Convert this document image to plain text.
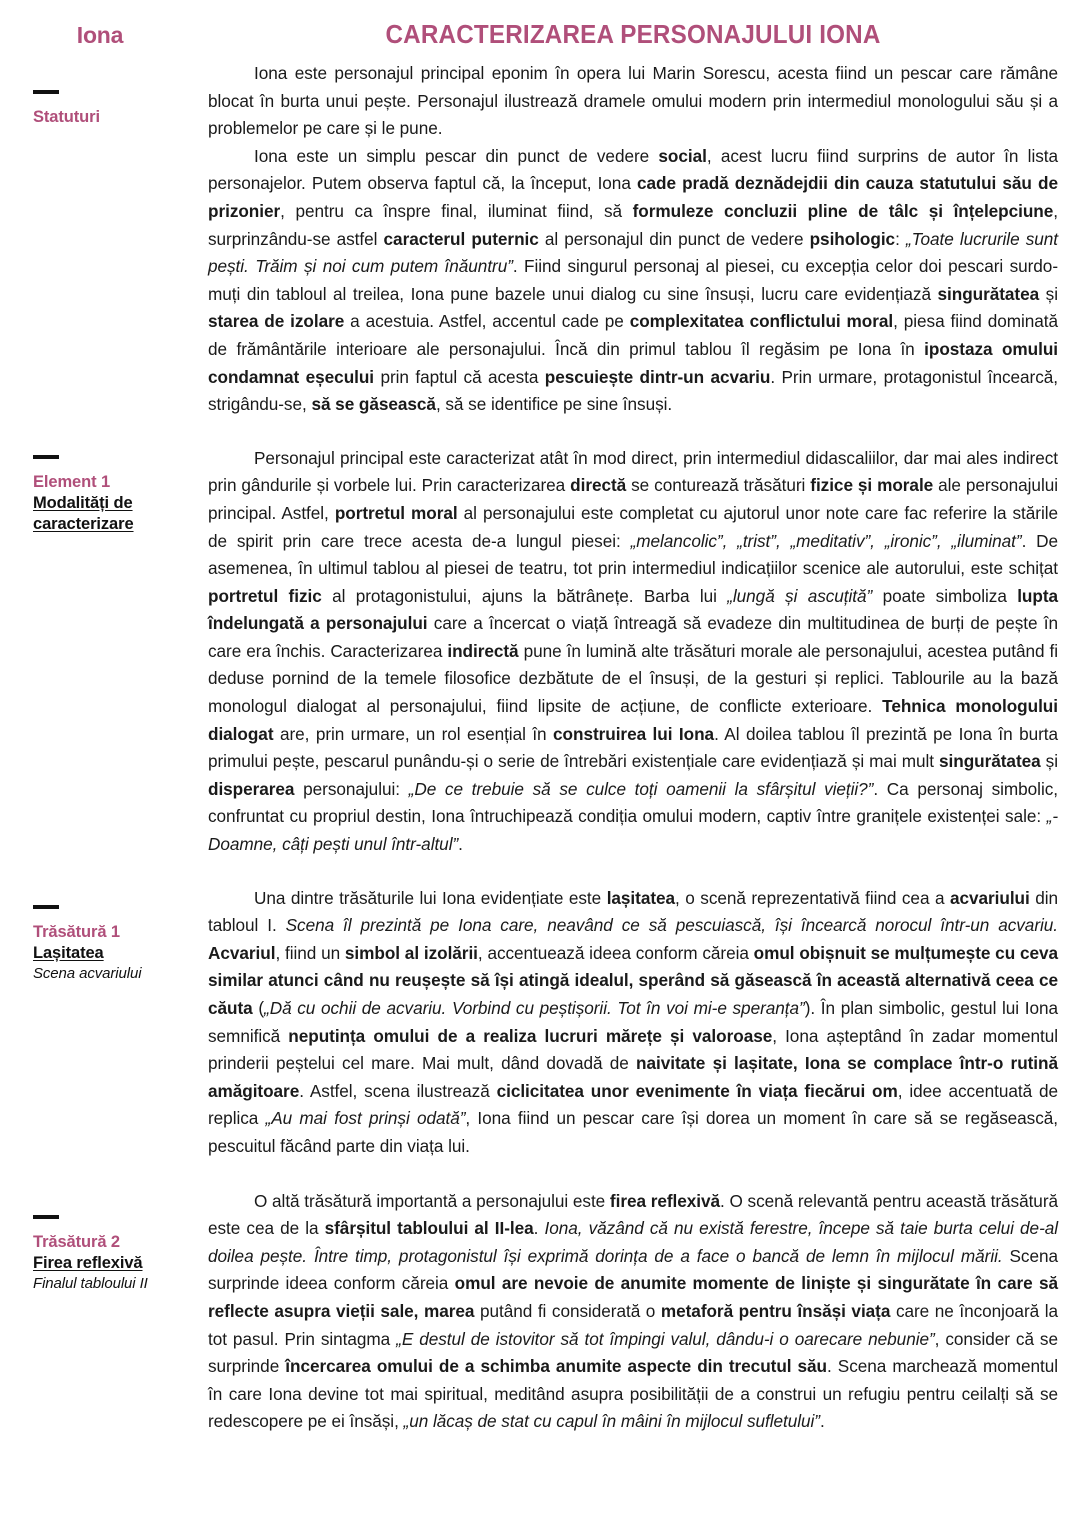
Iona
Statuturi
Element 1
Modalități de caracterizare
Trăsătură 1
Lașitatea
Scena acvariului
Trăsătură 2
Firea reflexivă
Finalul tabloului II
CARACTERIZAREA PERSONAJULUI IONA

Iona este personajul principal eponim în opera lui Marin Sorescu, acesta fiind un pescar care rămâne blocat în burta unui pește. Personajul ilustrează dramele omului modern prin intermediul monologului său și a problemelor pe care și le pune.

Iona este un simplu pescar din punct de vedere social, acest lucru fiind surprins de autor în lista personajelor. Putem observa faptul că, la început, Iona cade pradă deznădejdii din cauza statutului său de prizonier, pentru ca înspre final, iluminat fiind, să formuleze concluzii pline de tâlc și înțelepciune, surprinzându-se astfel caracterul puternic al personajul din punct de vedere psihologic: „Toate lucrurile sunt pești. Trăim și noi cum putem înăuntru”. Fiind singurul personaj al piesei, cu excepția celor doi pescari surdo-muți din tabloul al treilea, Iona pune bazele unui dialog cu sine însuși, lucru care evidențiază singurătatea și starea de izolare a acestuia. Astfel, accentul cade pe complexitatea conflictului moral, piesa fiind dominată de frământările interioare ale personajului. Încă din primul tablou îl regăsim pe Iona în ipostaza omului condamnat eșecului prin faptul că acesta pescuiește dintr-un acvariu. Prin urmare, protagonistul încearcă, strigându-se, să se găsească, să se identifice pe sine însuși.

Personajul principal este caracterizat atât în mod direct, prin intermediul didascaliilor, dar mai ales indirect prin gândurile și vorbele lui. Prin caracterizarea directă se conturează trăsături fizice și morale ale personajului principal. Astfel, portretul moral al personajului este completat cu ajutorul unor note care fac referire la stările de spirit prin care trece acesta de-a lungul piesei: „melancolic”, „trist”, „meditativ”, „ironic”, „iluminat”. De asemenea, în ultimul tablou al piesei de teatru, tot prin intermediul indicațiilor scenice ale autorului, este schițat portretul fizic al protagonistului, ajuns la bătrânețe. Barba lui „lungă și ascuțită” poate simboliza lupta îndelungată a personajului care a încercat o viață întreagă să evadeze din multitudinea de burți de pește în care era închis. Caracterizarea indirectă pune în lumină alte trăsături morale ale personajului, acestea putând fi deduse pornind de la temele filosofice dezbătute de el însuși, de la gesturi și replici. Tablourile au la bază monologul dialogat al personajului, fiind lipsite de acțiune, de conflicte exterioare. Tehnica monologului dialogat are, prin urmare, un rol esențial în construirea lui Iona. Al doilea tablou îl prezintă pe Iona în burta primului pește, pescarul punându-și o serie de întrebări existențiale care evidențiază și mai mult singurătatea și disperarea personajului: „De ce trebuie să se culce toți oamenii la sfârșitul vieții?”. Ca personaj simbolic, confruntat cu propriul destin, Iona întruchipează condiția omului modern, captiv între granițele existenței sale: „- Doamne, câți pești unul într-altul”.

Una dintre trăsăturile lui Iona evidențiate este lașitatea, o scenă reprezentativă fiind cea a acvariului din tabloul I. Scena îl prezintă pe Iona care, neavând ce să pescuiască, își încearcă norocul într-un acvariu. Acvariul, fiind un simbol al izolării, accentuează ideea conform căreia omul obișnuit se mulțumește cu ceva similar atunci când nu reușește să își atingă idealul, sperând să găsească în această alternativă ceea ce căuta („Dă cu ochii de acvariu. Vorbind cu peștișorii. Tot în voi mi-e speranța”). În plan simbolic, gestul lui Iona semnifică neputința omului de a realiza lucruri mărețe și valoroase, Iona așteptând în zadar momentul prinderii peștelui cel mare. Mai mult, dând dovadă de naivitate și lașitate, Iona se complace într-o rutină amăgitoare. Astfel, scena ilustrează ciclicitatea unor evenimente în viața fiecărui om, idee accentuată de replica „Au mai fost prinși odată”, Iona fiind un pescar care își dorea un moment în care să se regăsească, pescuitul făcând parte din viața lui.

O altă trăsătură importantă a personajului este firea reflexivă. O scenă relevantă pentru această trăsătură este cea de la sfârșitul tabloului al II-lea. Iona, văzând că nu există ferestre, începe să taie burta celui de-al doilea pește. Între timp, protagonistul își exprimă dorința de a face o bancă de lemn în mijlocul mării. Scena surprinde ideea conform căreia omul are nevoie de anumite momente de liniște și singurătate în care să reflecte asupra vieții sale, marea putând fi considerată o metaforă pentru însăși viața care ne înconjoară la tot pasul. Prin sintagma „E destul de istovitor să tot împingi valul, dându-i o oarecare nebunie”, consider că se surprinde încercarea omului de a schimba anumite aspecte din trecutul său. Scena marchează momentul în care Iona devine tot mai spiritual, meditând asupra posibilității de a construi un refugiu pentru ceilalți să se redescopere pe ei însăși, „un lăcaș de stat cu capul în mâini în mijlocul sufletului”.
